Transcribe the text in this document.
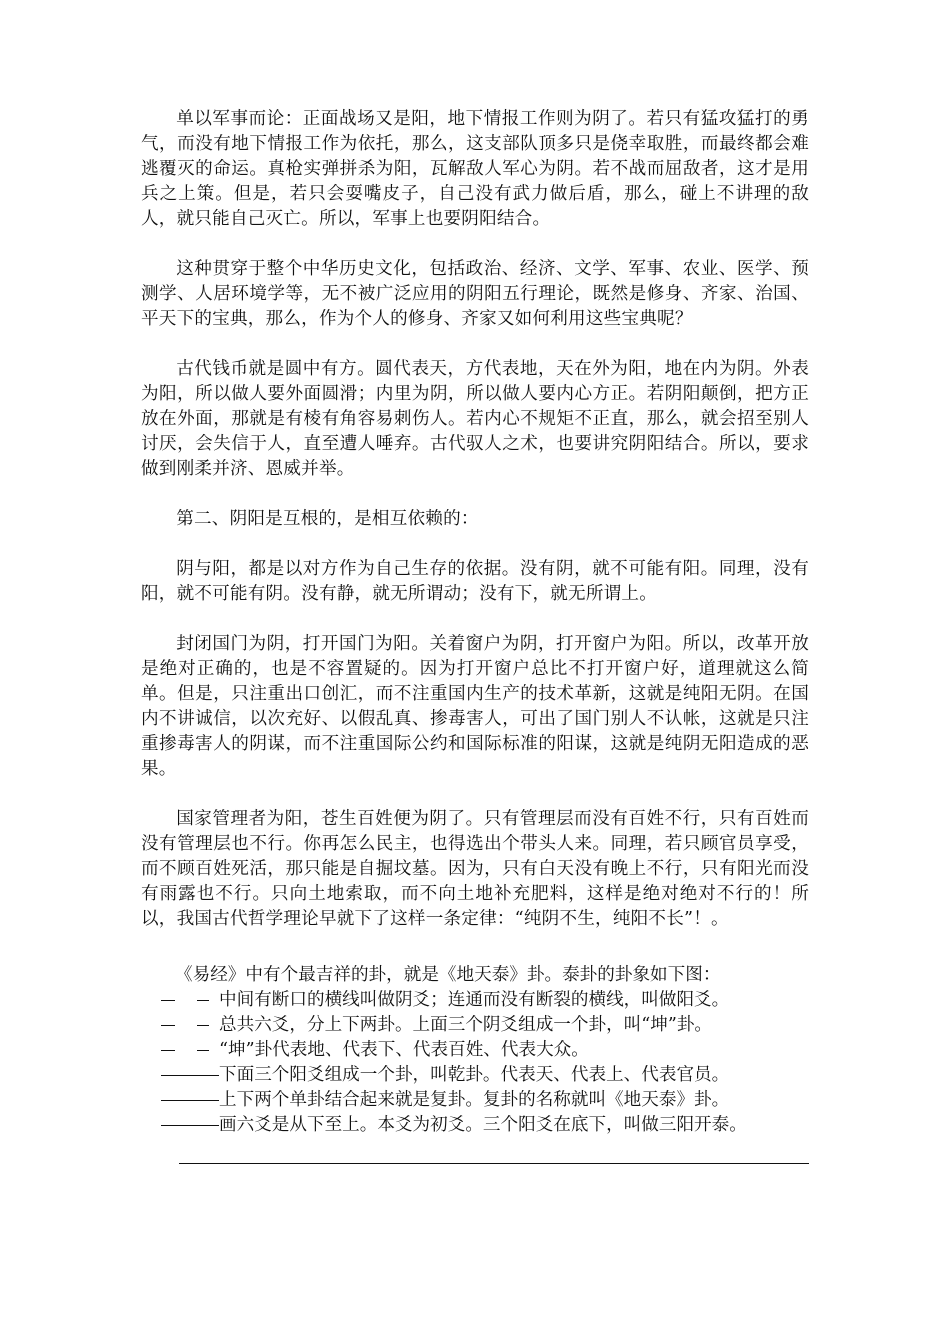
单以军事而论：正面战场又是阳，地下情报工作则为阴了。若只有猛攻猛打的勇气，而没有地下情报工作为依托，那么，这支部队顶多只是侥幸取胜，而最终都会难逃覆灭的命运。真枪实弹拼杀为阳，瓦解敌人军心为阴。若不战而屈敌者，这才是用兵之上策。但是，若只会耍嘴皮子，自己没有武力做后盾，那么，碰上不讲理的敌人，就只能自己灭亡。所以，军事上也要阴阳结合。

这种贯穿于整个中华历史文化，包括政治、经济、文学、军事、农业、医学、预测学、人居环境学等，无不被广泛应用的阴阳五行理论，既然是修身、齐家、治国、平天下的宝典，那么，作为个人的修身、齐家又如何利用这些宝典呢？

古代钱币就是圆中有方。圆代表天，方代表地，天在外为阳，地在内为阴。外表为阳，所以做人要外面圆滑；内里为阴，所以做人要内心方正。若阴阳颠倒，把方正放在外面，那就是有棱有角容易刺伤人。若内心不规矩不正直，那么，就会招至别人讨厌，会失信于人，直至遭人唾弃。古代驭人之术，也要讲究阴阳结合。所以，要求做到刚柔并济、恩威并举。

第二、阴阳是互根的，是相互依赖的：

阴与阳，都是以对方作为自己生存的依据。没有阴，就不可能有阳。同理，没有阳，就不可能有阴。没有静，就无所谓动；没有下，就无所谓上。

封闭国门为阴，打开国门为阳。关着窗户为阴，打开窗户为阳。所以，改革开放是绝对正确的，也是不容置疑的。因为打开窗户总比不打开窗户好，道理就这么简单。但是，只注重出口创汇，而不注重国内生产的技术革新，这就是纯阳无阴。在国内不讲诚信，以次充好、以假乱真、掺毒害人，可出了国门别人不认帐，这就是只注重掺毒害人的阴谋，而不注重国际公约和国际标准的阳谋，这就是纯阴无阳造成的恶果。

国家管理者为阳，苍生百姓便为阴了。只有管理层而没有百姓不行，只有百姓而没有管理层也不行。你再怎么民主，也得选出个带头人来。同理，若只顾官员享受，而不顾百姓死活，那只能是自掘坟墓。因为，只有白天没有晚上不行，只有阳光而没有雨露也不行。只向土地索取，而不向土地补充肥料，这样是绝对绝对不行的！所以，我国古代哲学理论早就下了这样一条定律：“纯阴不生，纯阳不长”！。

《易经》中有个最吉祥的卦，就是《地天泰》卦。泰卦的卦象如下图：

中间有断口的横线叫做阴爻；连通而没有断裂的横线，叫做阳爻。
总共六爻，分上下两卦。上面三个阴爻组成一个卦，叫“坤”卦。
“坤”卦代表地、代表下、代表百姓、代表大众。
下面三个阳爻组成一个卦，叫乾卦。代表天、代表上、代表官员。
上下两个单卦结合起来就是复卦。复卦的名称就叫《地天泰》卦。
画六爻是从下至上。本爻为初爻。三个阳爻在底下，叫做三阳开泰。
